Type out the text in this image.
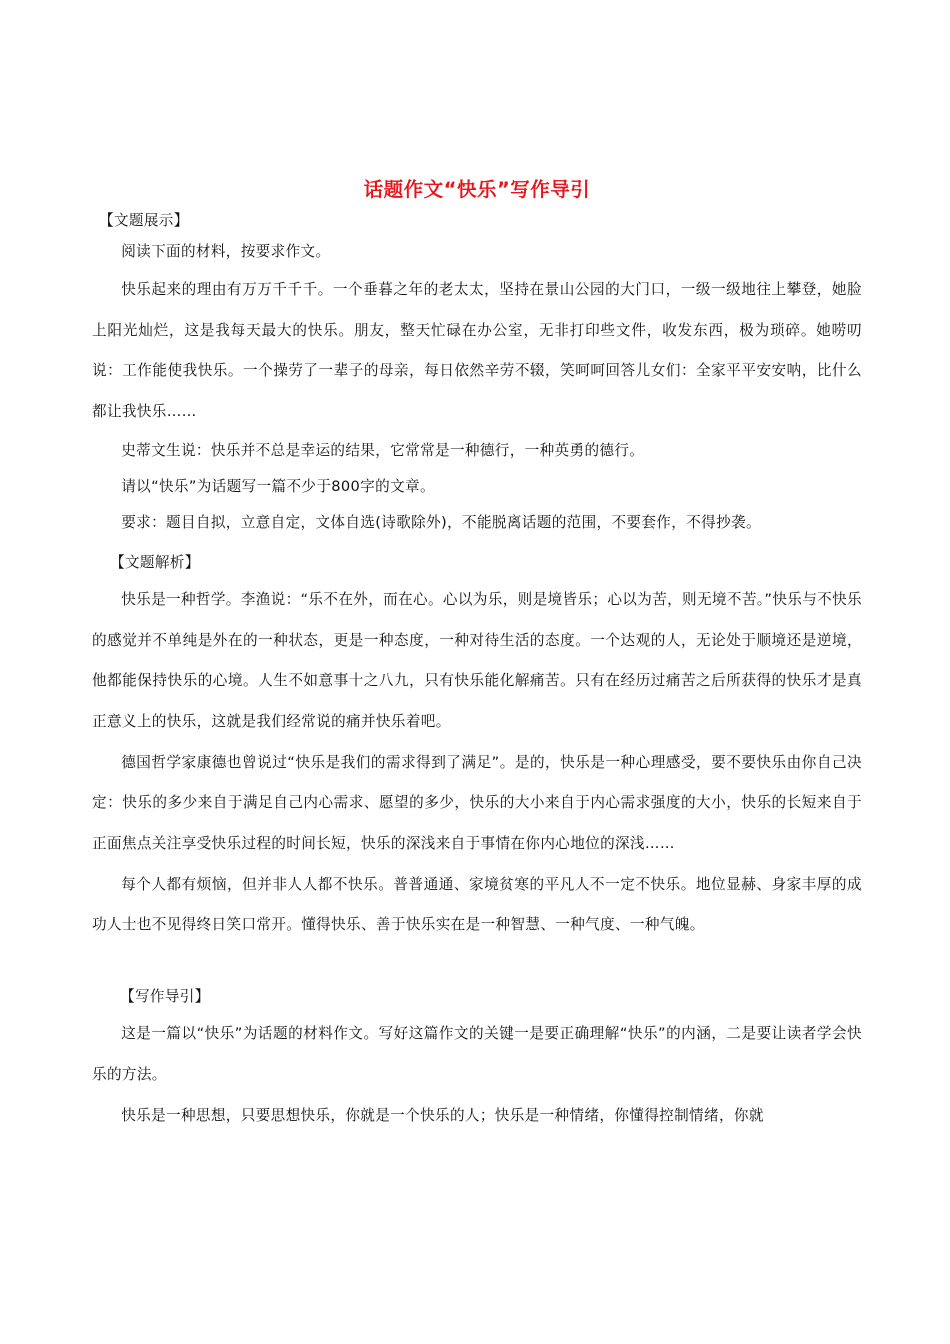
话题作文“快乐”写作导引

【文题展示】

阅读下面的材料，按要求作文。

快乐起来的理由有万万千千千。一个垂暮之年的老太太，坚持在景山公园的大门口，一级一级地往上攀登，她脸上阳光灿烂，这是我每天最大的快乐。朋友，整天忙碌在办公室，无非打印些文件，收发东西，极为琐碎。她唠叨说：工作能使我快乐。一个操劳了一辈子的母亲，每日依然辛劳不辍，笑呵呵回答儿女们：全家平平安安呐，比什么都让我快乐……

史蒂文生说：快乐并不总是幸运的结果，它常常是一种德行，一种英勇的德行。

请以“快乐”为话题写一篇不少于800字的文章。

要求：题目自拟，立意自定，文体自选(诗歌除外)，不能脱离话题的范围，不要套作，不得抄袭。

【文题解析】

快乐是一种哲学。李渔说：“乐不在外，而在心。心以为乐，则是境皆乐；心以为苦，则无境不苦。”快乐与不快乐的感觉并不单纯是外在的一种状态，更是一种态度，一种对待生活的态度。一个达观的人，无论处于顺境还是逆境，他都能保持快乐的心境。人生不如意事十之八九，只有快乐能化解痛苦。只有在经历过痛苦之后所获得的快乐才是真正意义上的快乐，这就是我们经常说的痛并快乐着吧。

德国哲学家康德也曾说过“快乐是我们的需求得到了满足”。是的，快乐是一种心理感受，要不要快乐由你自己决定：快乐的多少来自于满足自己内心需求、愿望的多少，快乐的大小来自于内心需求强度的大小，快乐的长短来自于正面焦点关注享受快乐过程的时间长短，快乐的深浅来自于事情在你内心地位的深浅……

每个人都有烦恼，但并非人人都不快乐。普普通通、家境贫寒的平凡人不一定不快乐。地位显赫、身家丰厚的成功人士也不见得终日笑口常开。懂得快乐、善于快乐实在是一种智慧、一种气度、一种气魄。

【写作导引】

这是一篇以“快乐”为话题的材料作文。写好这篇作文的关键一是要正确理解“快乐”的内涵，二是要让读者学会快乐的方法。

快乐是一种思想，只要思想快乐，你就是一个快乐的人；快乐是一种情绪，你懂得控制情绪，你就
